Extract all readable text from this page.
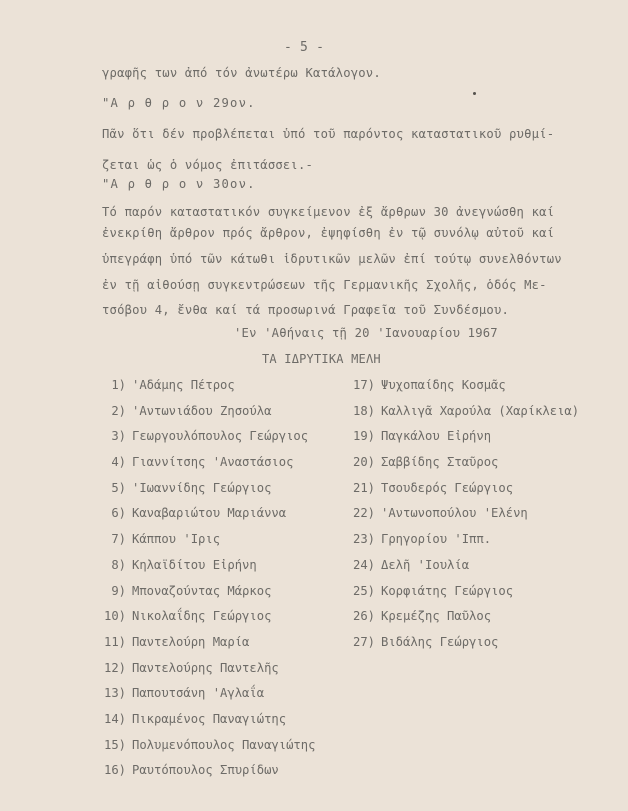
- 5 -
γραφῆς των ἀπό τόν ἀνωτέρω Κατάλογον.
"Α ρ θ ρ ο ν 29ον.
Πᾶν ὅτι δέν προβλέπεται ὑπό τοῦ παρόντος καταστατικοῦ ρυθμί-
ζεται ὡς ὁ νόμος ἐπιτάσσει.-
"Α ρ θ ρ ο ν 30ον.
Τό παρόν καταστατικόν συγκείμενον ἐξ ἄρθρων 30 ἀνεγνώσθη καί
ἐνεκρίθη ἄρθρον πρός ἄρθρον, ἐψηφίσθη ἐν τῷ συνόλῳ αὐτοῦ καί
ὑπεγράφη ὑπό τῶν κάτωθι ἱδρυτικῶν μελῶν ἐπί τούτῳ συνελθόντων
ἐν τῇ αἰθούσῃ συγκεντρώσεων τῆς Γερμανικῆς Σχολῆς, ὁδός Με-
τσόβου 4, ἔνθα καί τά προσωρινά Γραφεῖα τοῦ Συνδέσμου.
'Εν 'Αθήναις τῇ 20 'Ιανουαρίου 1967
ΤΑ ΙΔΡΥΤΙΚΑ ΜΕΛΗ
1) 'Αδάμης Πέτρος
2) 'Αντωνιάδου Ζησούλα
3) Γεωργουλόπουλος Γεώργιος
4) Γιαννίτσης 'Αναστάσιος
5) 'Ιωαννίδης Γεώργιος
6) Καναβαριώτου Μαριάννα
7) Κάππου 'Ιρις
8) Κηλαϊδίτου Εἰρήνη
9) Μποναζούντας Μάρκος
10) Νικολαΐδης Γεώργιος
11) Παντελούρη Μαρία
12) Παντελούρης Παντελῆς
13) Παπουτσάνη 'Αγλαΐα
14) Πικραμένος Παναγιώτης
15) Πολυμενόπουλος Παναγιώτης
16) Ραυτόπουλος Σπυρίδων
17) Ψυχοπαίδης Κοσμᾶς
18) Καλλιγᾶ Χαρούλα (Χαρίκλεια)
19) Παγκάλου Εἰρήνη
20) Σαββίδης Σταῦρος
21) Τσουδερός Γεώργιος
22) 'Αντωνοπούλου 'Ελένη
23) Γρηγορίου 'Ιππ.
24) Δελῆ 'Ιουλία
25) Κορφιάτης Γεώργιος
26) Κρεμέζης Παῦλος
27) Βιδάλης Γεώργιος
